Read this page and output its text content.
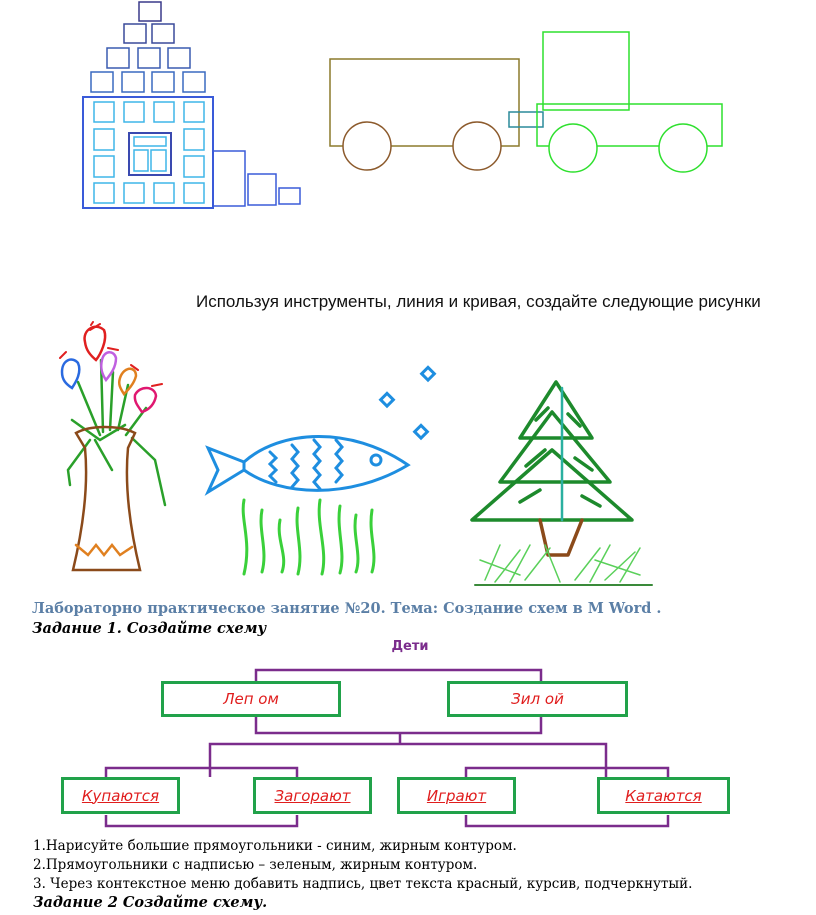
Используя инструменты, линия и кривая, создайте следующие рисунки
Лабораторно практическое занятие №20. Тема: Создание схем в M Word .
Задание 1. Создайте схему
Дети
Леп ом	Зил ой
Купаются	Загорают	Играют	Катаются
1.Нарисуйте большие прямоугольники - синим, жирным контуром.
2.Прямоугольники с надписью – зеленым, жирным контуром.
3. Через контекстное меню добавить надпись, цвет текста красный, курсив, подчеркнутый.
Задание 2 Создайте схему.
